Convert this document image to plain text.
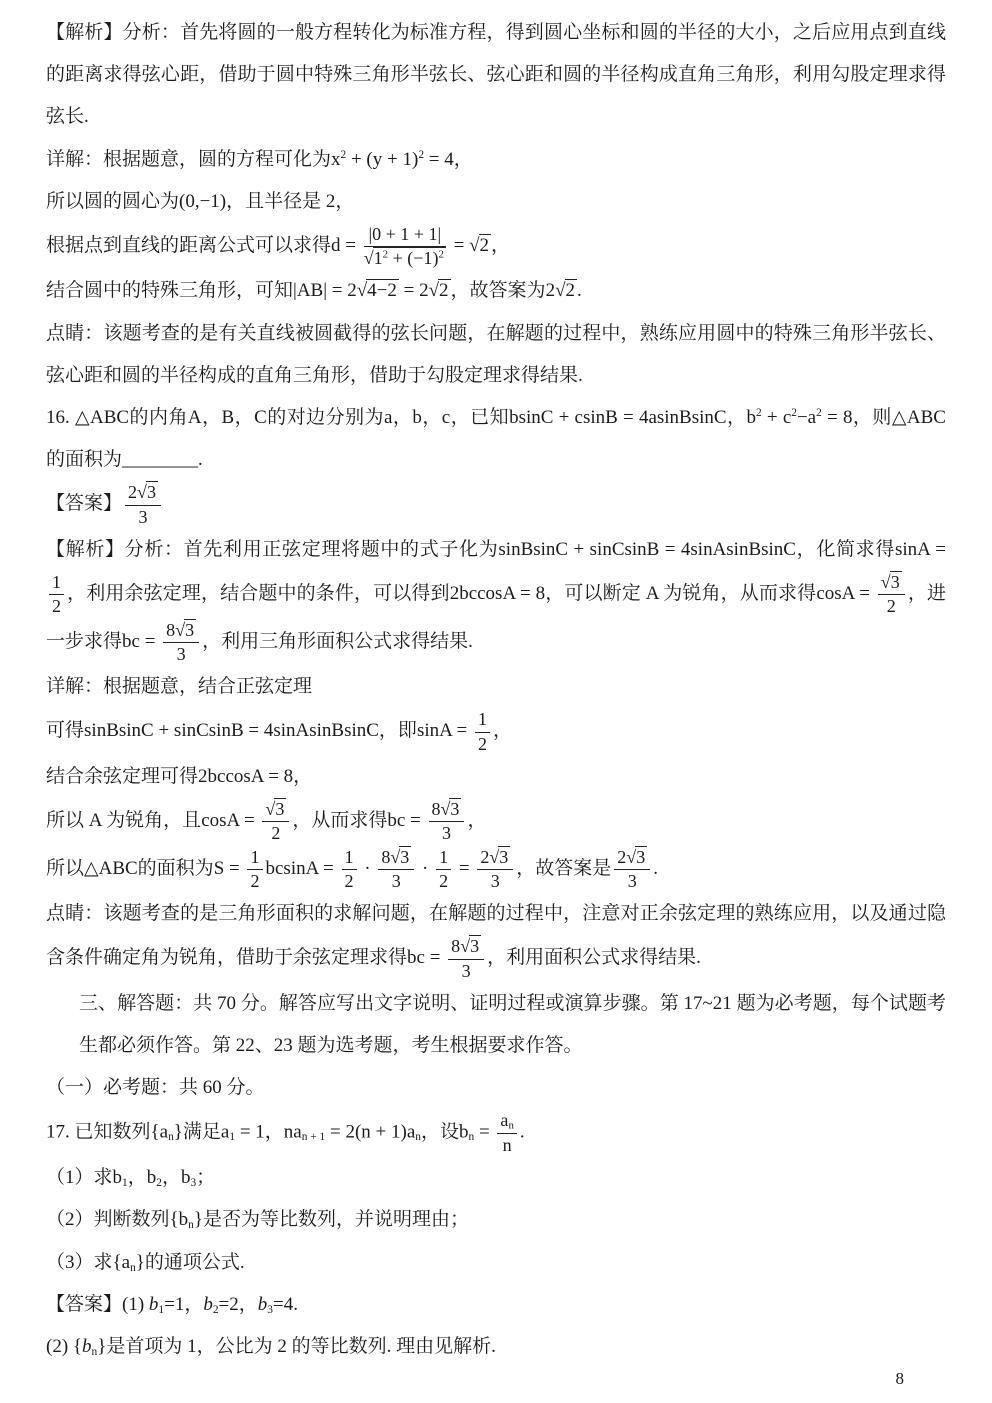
【解析】分析：首先将圆的一般方程转化为标准方程，得到圆心坐标和圆的半径的大小，之后应用点到直线的距离求得弦心距，借助于圆中特殊三角形半弦长、弦心距和圆的半径构成直角三角形，利用勾股定理求得弦长.

详解：根据题意，圆的方程可化为$x^2 + (y + 1)^2 = 4$，

所以圆的圆心为(0,−1)，且半径是 2，

根据点到直线的距离公式可以求得$d = \frac{|0 + 1 + 1|}{√1^2 + (-1)^2} = √2$ ，

结合圆中的特殊三角形，可知|AB| = 2√4−2 = 2√2 ，故答案为2√2 .

点睛：该题考查的是有关直线被圆截得的弦长问题，在解题的过程中，熟练应用圆中的特殊三角形半弦长、弦心距和圆的半径构成的直角三角形，借助于勾股定理求得结果.

16. △ABC的内角A，B，C的对边分别为a，b，c，已知bsinC + csinB = 4asinBsinC，$b^2 + c^2-a^2 = 8$，则△ABC的面积为________.

【答案】 $\frac{2√3}{3}$

【解析】分析：首先利用正弦定理将题中的式子化为sinBsinC + sinCsinB = 4sinAsinBsinC，化简求得sinA =
$\frac{1}{2}$ ，利用余弦定理，结合题中的条件，可以得到2bccosA = 8，可以断定 A 为锐角，从而求得$\cos A = \frac{√3}{2}$ ，进一步求得bc = $\frac{8√3}{3}$ ，利用三角形面积公式求得结果.

详解：根据题意，结合正弦定理

可得sinBsinC + sinCsinB = 4sinAsinBsinC，即$\sin A = \frac{1}{2}$ ，

结合余弦定理可得2bccosA = 8，

所以 A 为锐角，且$\cos A = \frac{√3}{2}$ ，从而求得bc = $\frac{8√3}{3}$ ，

所以△ABC的面积为$S = \frac{1}{2}$ $bcsinA = \frac{1}{2} \cdot \frac{8√3}{3} \cdot \frac{1}{2} = \frac{2√3}{3}$ ，故答案是 $\frac{2√3}{3}$ .

点睛：该题考查的是三角形面积的求解问题，在解题的过程中，注意对正余弦定理的熟练应用，以及通过隐含条件确定角为锐角，借助于余弦定理求得bc = $\frac{8√3}{3}$ ，利用面积公式求得结果.

三、解答题：共 70 分。解答应写出文字说明、证明过程或演算步骤。第 17~21 题为必考题，每个试题考生都必须作答。第 22、23 题为选考题，考生根据要求作答。

（一）必考题：共 60 分。

17. 已知数列$\{a_n\}$满足$a_1 = 1$，$na_{n + 1} = 2(n + 1)a_n$，设$b_n = \frac{a_n}{n}$ .

（1）求$b_1$，$b_2$，$b_3$；

（2）判断数列$\{b_n\}$是否为等比数列，并说明理由；

（3）求$\{a_n\}$的通项公式.

【答案】(1) $b_1=1$，$b_2=2$，$b_3=4$.

(2) $\{b_n\}$是首项为 1，公比为 2 的等比数列. 理由见解析.

8
